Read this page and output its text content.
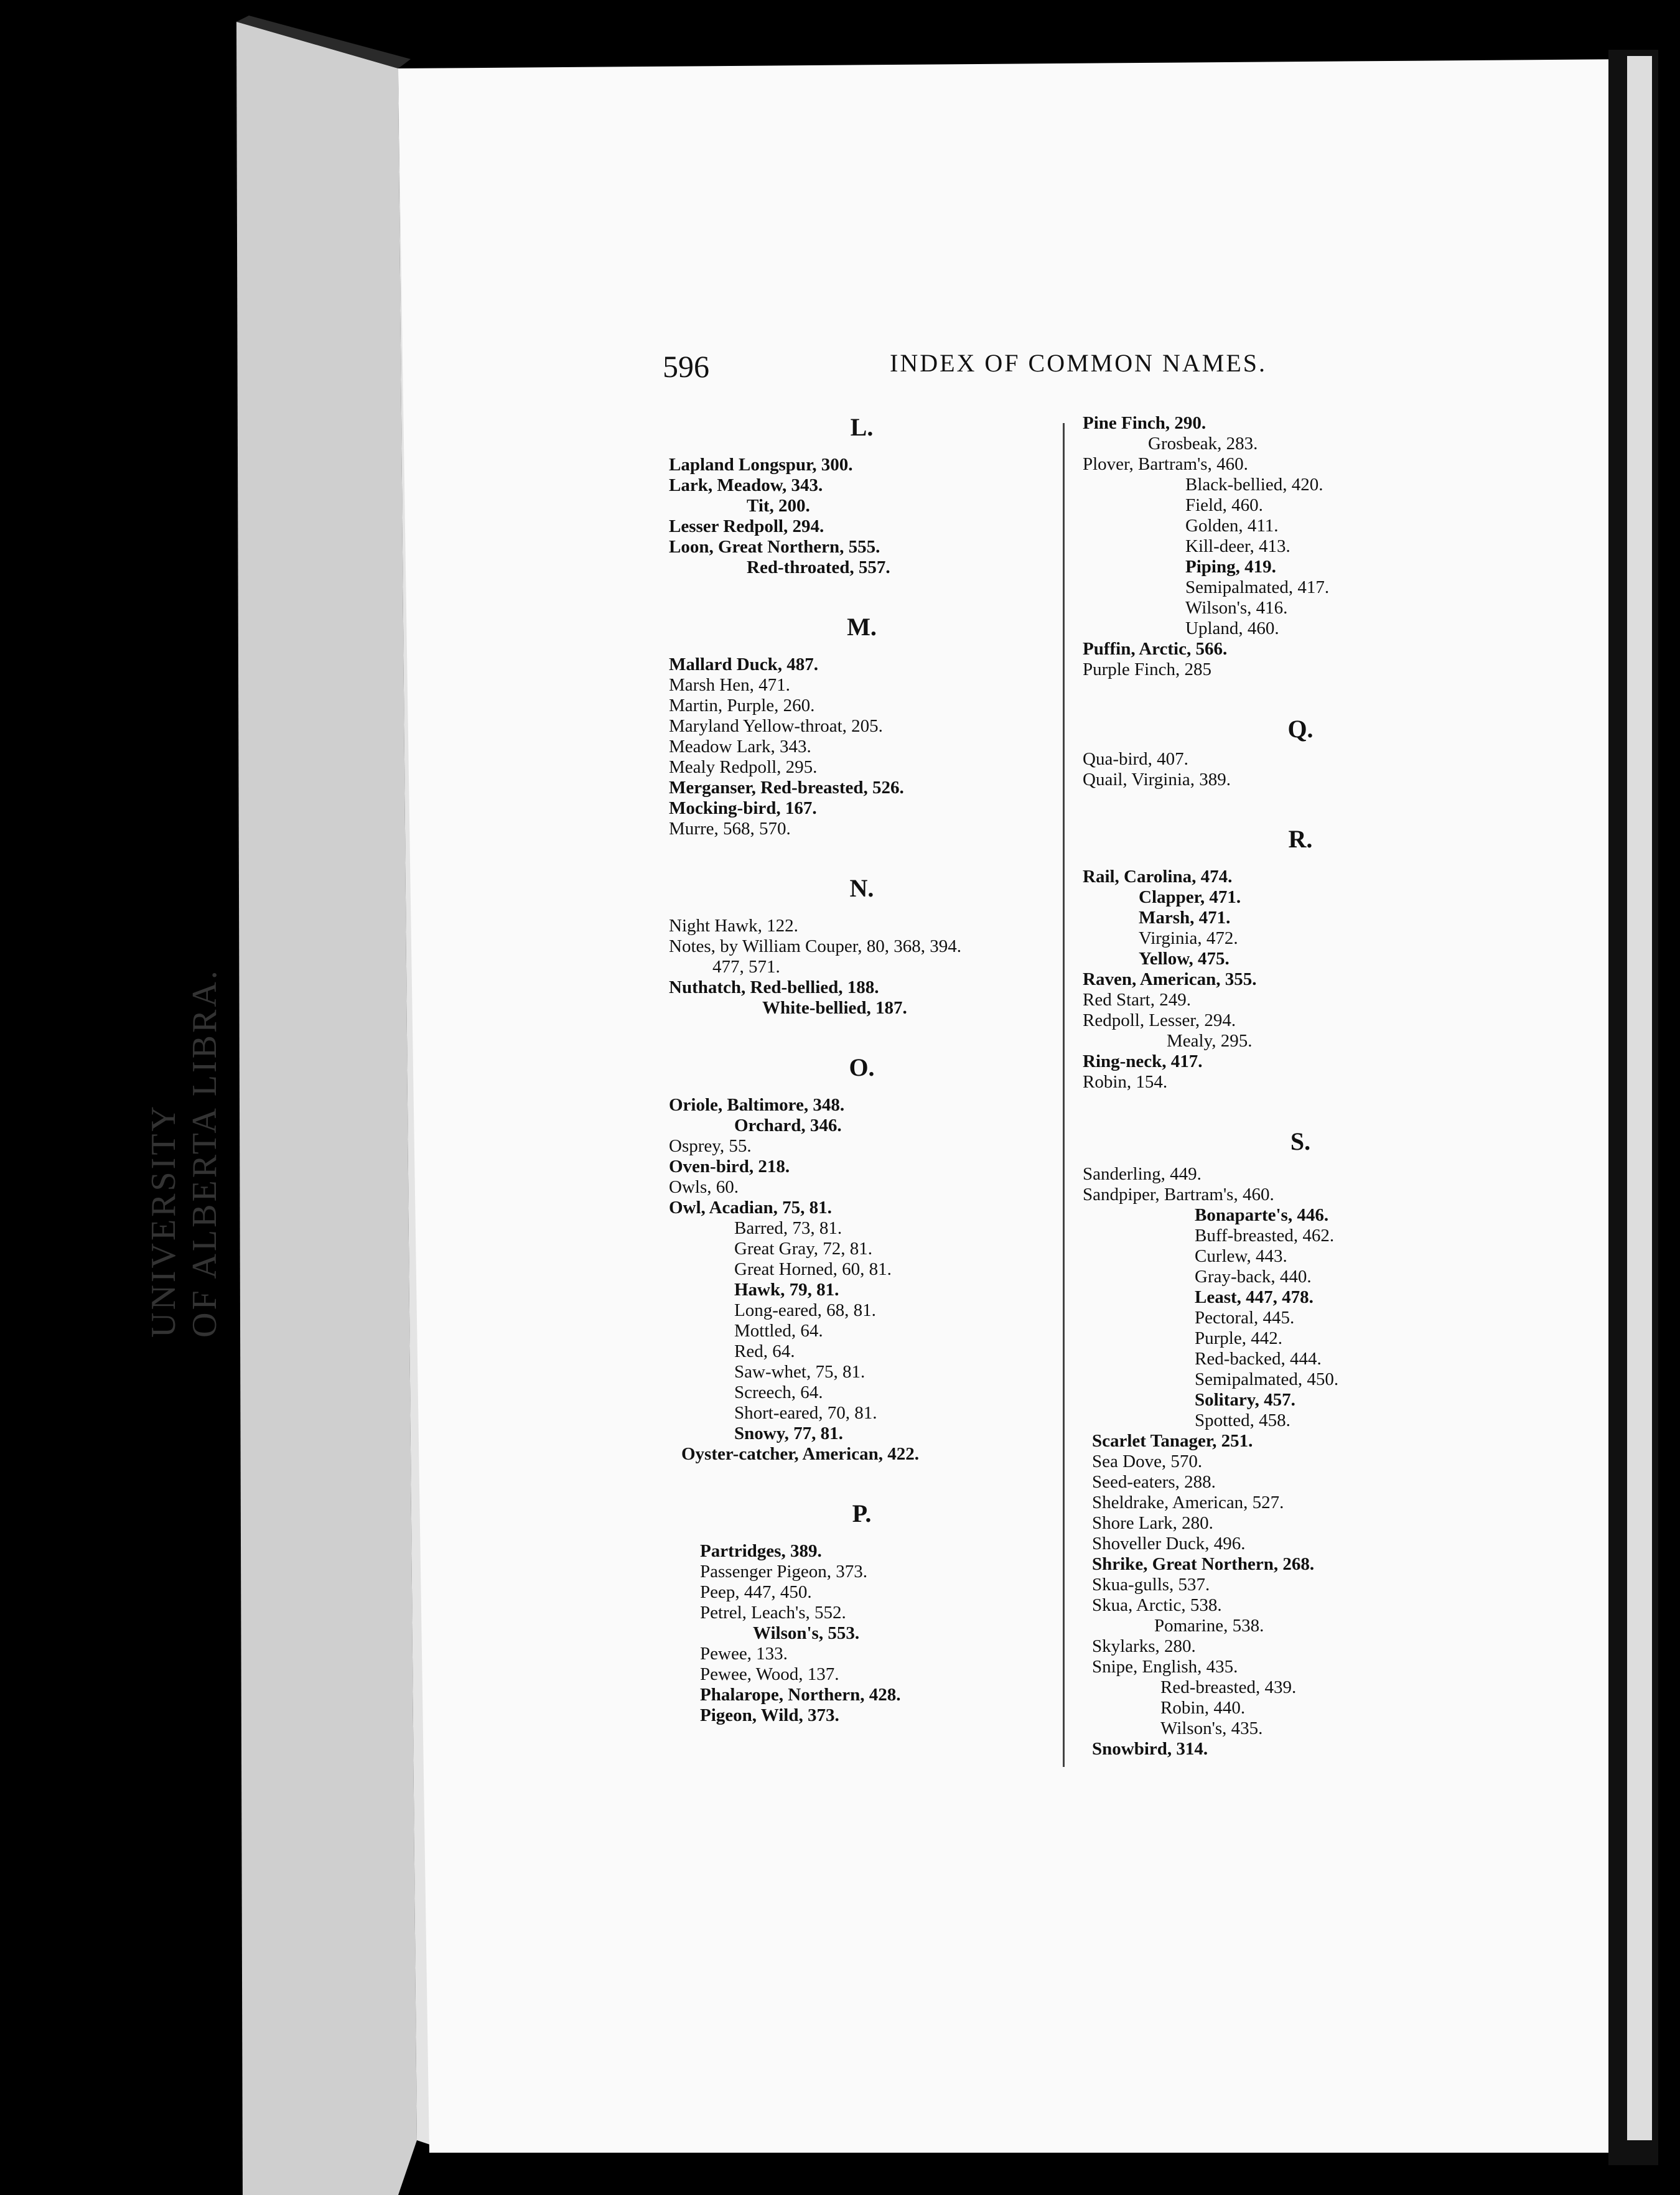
UNIVERSITY OF ALBERTA LIBRA.
596	INDEX OF COMMON NAMES.
L.
Lapland Longspur, 300.
Lark, Meadow, 343.
Tit, 200.
Lesser Redpoll, 294.
Loon, Great Northern, 555.
Red-throated, 557.
M.
Mallard Duck, 487.
Marsh Hen, 471.
Martin, Purple, 260.
Maryland Yellow-throat, 205.
Meadow Lark, 343.
Mealy Redpoll, 295.
Merganser, Red-breasted, 526.
Mocking-bird, 167.
Murre, 568, 570.
N.
Night Hawk, 122.
Notes, by William Couper, 80, 368, 394.
477, 571.
Nuthatch, Red-bellied, 188.
White-bellied, 187.
O.
Oriole, Baltimore, 348.
Orchard, 346.
Osprey, 55.
Oven-bird, 218.
Owls, 60.
Owl, Acadian, 75, 81.
Barred, 73, 81.
Great Gray, 72, 81.
Great Horned, 60, 81.
Hawk, 79, 81.
Long-eared, 68, 81.
Mottled, 64.
Red, 64.
Saw-whet, 75, 81.
Screech, 64.
Short-eared, 70, 81.
Snowy, 77, 81.
Oyster-catcher, American, 422.
P.
Partridges, 389.
Passenger Pigeon, 373.
Peep, 447, 450.
Petrel, Leach's, 552.
Wilson's, 553.
Pewee, 133.
Pewee, Wood, 137.
Phalarope, Northern, 428.
Pigeon, Wild, 373.
Pine Finch, 290.
Grosbeak, 283.
Plover, Bartram's, 460.
Black-bellied, 420.
Field, 460.
Golden, 411.
Kill-deer, 413.
Piping, 419.
Semipalmated, 417.
Wilson's, 416.
Upland, 460.
Puffin, Arctic, 566.
Purple Finch, 285
Q.
Qua-bird, 407.
Quail, Virginia, 389.
R.
Rail, Carolina, 474.
Clapper, 471.
Marsh, 471.
Virginia, 472.
Yellow, 475.
Raven, American, 355.
Red Start, 249.
Redpoll, Lesser, 294.
Mealy, 295.
Ring-neck, 417.
Robin, 154.
S.
Sanderling, 449.
Sandpiper, Bartram's, 460.
Bonaparte's, 446.
Buff-breasted, 462.
Curlew, 443.
Gray-back, 440.
Least, 447, 478.
Pectoral, 445.
Purple, 442.
Red-backed, 444.
Semipalmated, 450.
Solitary, 457.
Spotted, 458.
Scarlet Tanager, 251.
Sea Dove, 570.
Seed-eaters, 288.
Sheldrake, American, 527.
Shore Lark, 280.
Shoveller Duck, 496.
Shrike, Great Northern, 268.
Skua-gulls, 537.
Skua, Arctic, 538.
Pomarine, 538.
Skylarks, 280.
Snipe, English, 435.
Red-breasted, 439.
Robin, 440.
Wilson's, 435.
Snowbird, 314.
